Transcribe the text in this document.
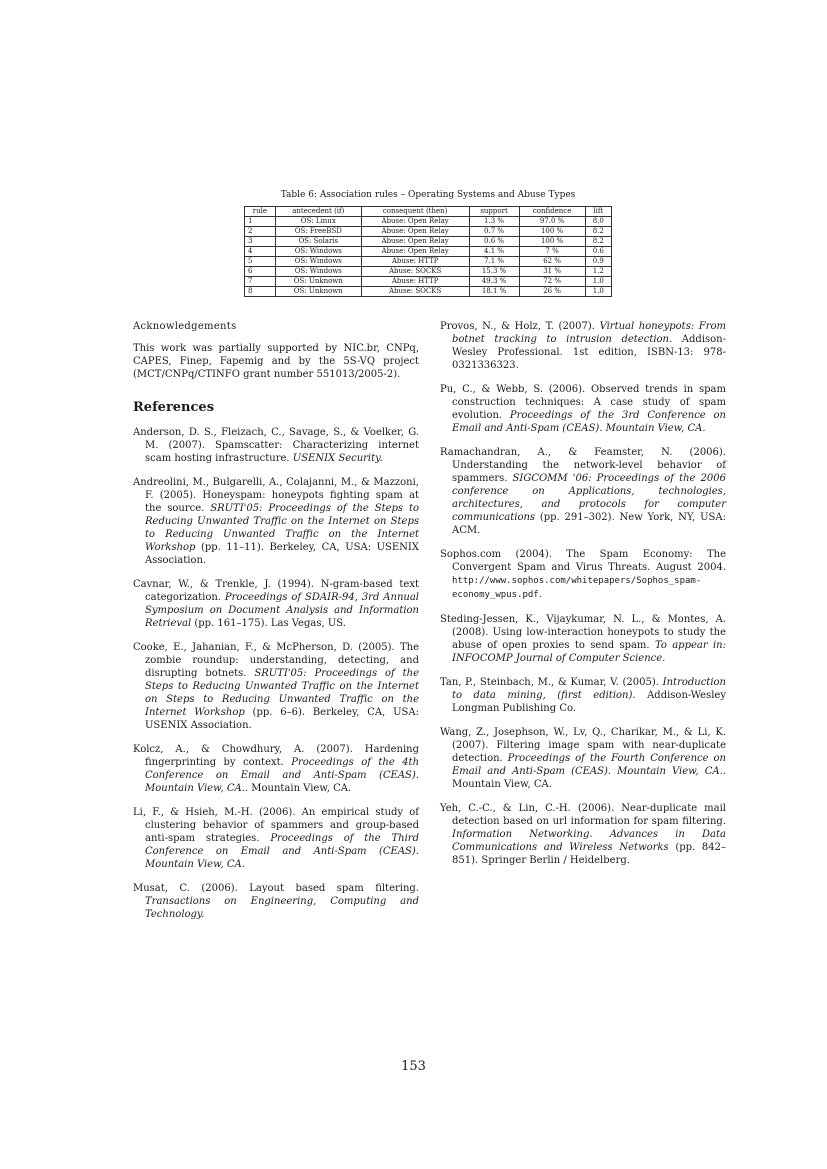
Table 6: Association rules – Operating Systems and Abuse Types
rule	antecedent (if)	consequent (then)	support	confidence	lift
1	OS: Linux	Abuse: Open Relay	1.3 %	97.0 %	8.0
2	OS: FreeBSD	Abuse: Open Relay	0.7 %	100 %	8.2
3	OS: Solaris	Abuse: Open Relay	0.6 %	100 %	8.2
4	OS: Windows	Abuse: Open Relay	4.1 %	7 %	0.6
5	OS: Windows	Abuse: HTTP	7.1 %	62 %	0.9
6	OS: Windows	Abuse: SOCKS	15.3 %	31 %	1.2
7	OS: Unknown	Abuse: HTTP	49.3 %	72 %	1.0
8	OS: Unknown	Abuse: SOCKS	18.1 %	26 %	1.0
Acknowledgements

This work was partially supported by NIC.br, CNPq, CAPES, Finep, Fapemig and by the 5S-VQ project (MCT/CNPq/CTINFO grant number 551013/2005-2).

References

Anderson, D. S., Fleizach, C., Savage, S., & Voelker, G. M. (2007). Spamscatter: Characterizing internet scam hosting infrastructure. USENIX Security.

Andreolini, M., Bulgarelli, A., Colajanni, M., & Mazzoni, F. (2005). Honeyspam: honeypots fighting spam at the source. SRUTI'05: Proceedings of the Steps to Reducing Unwanted Traffic on the Internet on Steps to Reducing Unwanted Traffic on the Internet Workshop (pp. 11–11). Berkeley, CA, USA: USENIX Association.

Cavnar, W., & Trenkle, J. (1994). N-gram-based text categorization. Proceedings of SDAIR-94, 3rd Annual Symposium on Document Analysis and Information Retrieval (pp. 161–175). Las Vegas, US.

Cooke, E., Jahanian, F., & McPherson, D. (2005). The zombie roundup: understanding, detecting, and disrupting botnets. SRUTI'05: Proceedings of the Steps to Reducing Unwanted Traffic on the Internet on Steps to Reducing Unwanted Traffic on the Internet Workshop (pp. 6–6). Berkeley, CA, USA: USENIX Association.

Kolcz, A., & Chowdhury, A. (2007). Hardening fingerprinting by context. Proceedings of the 4th Conference on Email and Anti-Spam (CEAS). Mountain View, CA.. Mountain View, CA.

Li, F., & Hsieh, M.-H. (2006). An empirical study of clustering behavior of spammers and group-based anti-spam strategies. Proceedings of the Third Conference on Email and Anti-Spam (CEAS). Mountain View, CA.

Musat, C. (2006). Layout based spam filtering. Transactions on Engineering, Computing and Technology.

Provos, N., & Holz, T. (2007). Virtual honeypots: From botnet tracking to intrusion detection. Addison-Wesley Professional. 1st edition, ISBN-13: 978-0321336323.

Pu, C., & Webb, S. (2006). Observed trends in spam construction techniques: A case study of spam evolution. Proceedings of the 3rd Conference on Email and Anti-Spam (CEAS). Mountain View, CA.

Ramachandran, A., & Feamster, N. (2006). Understanding the network-level behavior of spammers. SIGCOMM '06: Proceedings of the 2006 conference on Applications, technologies, architectures, and protocols for computer communications (pp. 291–302). New York, NY, USA: ACM.

Sophos.com (2004). The Spam Economy: The Convergent Spam and Virus Threats. August 2004. http://www.sophos.com/whitepapers/Sophos_spam-economy_wpus.pdf.

Steding-Jessen, K., Vijaykumar, N. L., & Montes, A. (2008). Using low-interaction honeypots to study the abuse of open proxies to send spam. To appear in: INFOCOMP Journal of Computer Science.

Tan, P., Steinbach, M., & Kumar, V. (2005). Introduction to data mining, (first edition). Addison-Wesley Longman Publishing Co.

Wang, Z., Josephson, W., Lv, Q., Charikar, M., & Li, K. (2007). Filtering image spam with near-duplicate detection. Proceedings of the Fourth Conference on Email and Anti-Spam (CEAS). Mountain View, CA.. Mountain View, CA.

Yeh, C.-C., & Lin, C.-H. (2006). Near-duplicate mail detection based on url information for spam filtering. Information Networking. Advances in Data Communications and Wireless Networks (pp. 842–851). Springer Berlin / Heidelberg.

153
